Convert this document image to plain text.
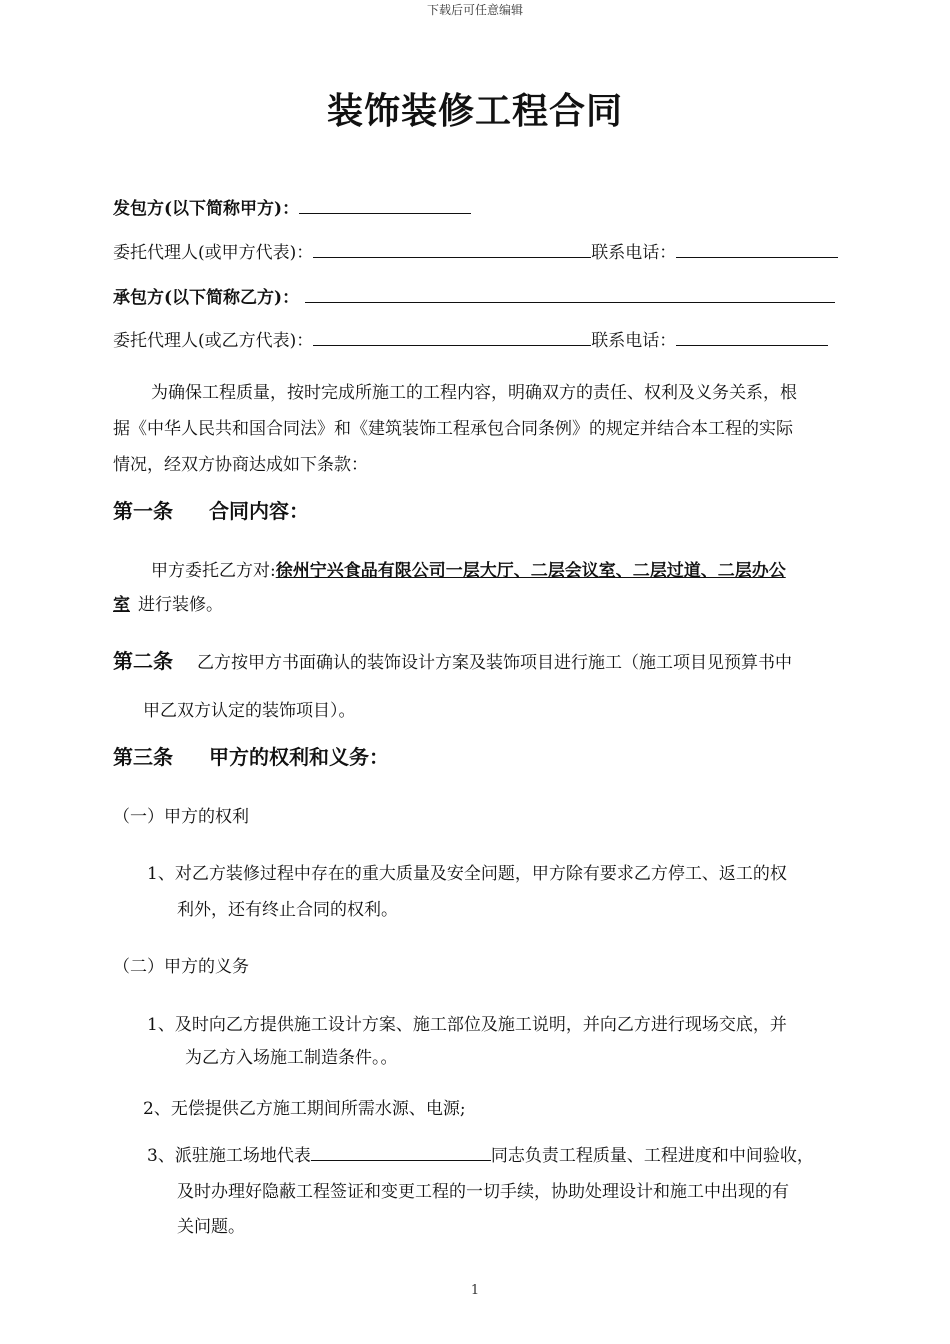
下载后可任意编辑
装饰装修工程合同
发包方(以下简称甲方)：
委托代理人(或甲方代表)：	联系电话：
承包方(以下简称乙方)：
委托代理人(或乙方代表)：	联系电话：
为确保工程质量，按时完成所施工的工程内容，明确双方的责任、权利及义务关系，根
据《中华人民共和国合同法》和《建筑装饰工程承包合同条例》的规定并结合本工程的实际
情况，经双方协商达成如下条款：
第一条 合同内容：
甲方委托乙方对:徐州宁兴食品有限公司一层大厅、二层会议室、二层过道、二层办公
室 进行装修。
第二条 乙方按甲方书面确认的装饰设计方案及装饰项目进行施工（施工项目见预算书中
甲乙双方认定的装饰项目）。
第三条 甲方的权利和义务：
（一）甲方的权利
1、对乙方装修过程中存在的重大质量及安全问题，甲方除有要求乙方停工、返工的权
利外，还有终止合同的权利。
（二）甲方的义务
1、及时向乙方提供施工设计方案、施工部位及施工说明，并向乙方进行现场交底，并
为乙方入场施工制造条件。。
2、无偿提供乙方施工期间所需水源、电源;
3、派驻施工场地代表	同志负责工程质量、工程进度和中间验收，
及时办理好隐蔽工程签证和变更工程的一切手续，协助处理设计和施工中出现的有
关问题。
1
